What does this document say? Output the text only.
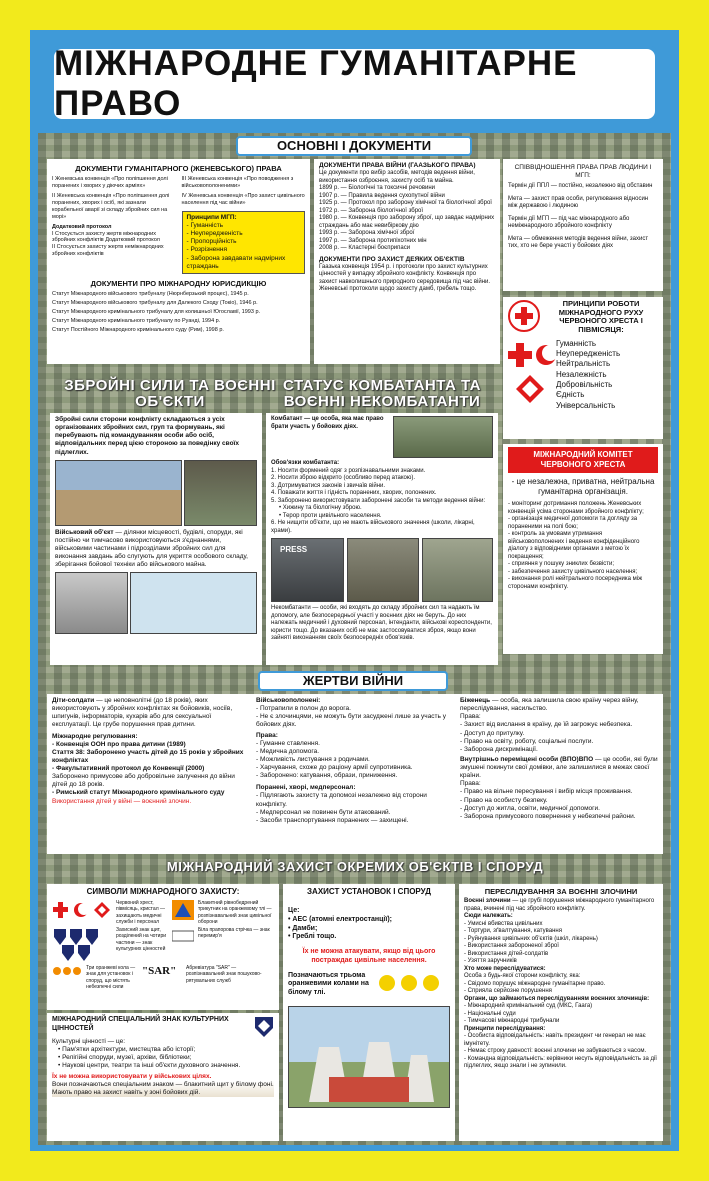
МІЖНАРОДНЕ ГУМАНІТАРНЕ ПРАВО
ОСНОВНІ І ДОКУМЕНТИ
ДОКУМЕНТИ ГУМАНІТАРНОГО (ЖЕНЕВСЬКОГО) ПРАВА
І Женевська конвенція «Про поліпшення долі поранених і хворих у діючих арміях»
ІІ Женевська конвенція «Про поліпшення долі поранених, хворих і осіб, які зазнали корабельної аварії зі складу збройних сил на морі»
Додатковий протокол
І Стосується захисту жертв міжнародних збройних конфліктів Додатковий протокол
ІІ Стосується захисту жертв неміжнародних збройних конфліктів
ІІІ Женевська конвенція «Про поводження з військовополоненими»
IV Женевська конвенція «Про захист цивільного населення під час війни»
Принципи МГП:
- Гуманність
- Неупередженість
- Пропорційність
- Розрізнення
- Заборона завдавати надмірних страждань
ДОКУМЕНТИ ПРО МІЖНАРОДНУ ЮРИСДИКЦІЮ
Статут Міжнародного військового трибуналу (Нюрнберзький процес), 1945 р.
Статут Міжнародного військового трибуналу для Далекого Сходу (Токіо), 1946 р.
Статут Міжнародного кримінального трибуналу для колишньої Югославії, 1993 р.
Статут Міжнародного кримінального трибуналу по Руанді, 1994 р.
Статут Постійного Міжнародного кримінального суду (Рим), 1998 р.
ДОКУМЕНТИ ПРАВА ВІЙНИ (ГААЗЬКОГО ПРАВА)
Це документи про вибір засобів, методів ведення війни, використання озброєння, захисту осіб та майна.
1899 р. — Біологічні та токсичні речовини
1907 р. — Правила ведення сухопутної війни
1925 р. — Протокол про заборону хімічної та біологічної зброї
1972 р. — Заборона біологічної зброї
1980 р. — Конвенція про заборону зброї, що завдає надмірних страждань або має невибіркову дію
1993 р. — Заборона хімічної зброї
1997 р. — Заборона протипіхотних мін
2008 р. — Кластерні боєприпаси
ДОКУМЕНТИ ПРО ЗАХИСТ ДЕЯКИХ ОБ'ЄКТІВ
Гаазька конвенція 1954 р. і протоколи про захист культурних цінностей у випадку збройного конфлікту. Конвенція про захист навколишнього природного середовища під час війни. Женевські протоколи щодо захисту дамб, гребель тощо.
СПІВВІДНОШЕННЯ ПРАВА ПРАВ ЛЮДИНИ І МГП:
Термін дії ППЛ — постійно, незалежно від обставин
Мета — захист прав особи, регулювання відносин між державою і людиною
Термін дії МГП — під час міжнародного або неміжнародного збройного конфлікту
Мета — обмеження методів ведення війни, захист тих, хто не бере участі у бойових діях
ПРИНЦИПИ РОБОТИ МІЖНАРОДНОГО РУХУ ЧЕРВОНОГО ХРЕСТА І ПІВМІСЯЦЯ:
Гуманність
Неупередженість
Нейтральність
Незалежність
Добровільність
Єдність
Універсальність
МІЖНАРОДНИЙ КОМІТЕТ ЧЕРВОНОГО ХРЕСТА
- це незалежна, приватна, нейтральна гуманітарна організація.
- моніторинг дотримання положень Женевських конвенцій усіма сторонами збройного конфлікту;
- організація медичної допомоги та догляду за пораненими на полі бою;
- контроль за умовами утримання військовополонених і ведення конфіденційного діалогу з відповідними органами з метою їх покращення;
- сприяння у пошуку зниклих безвісти;
- забезпечення захисту цивільного населення;
- виконання ролі нейтрального посередника між сторонами конфлікту.
ЗБРОЙНІ СИЛИ ТА ВОЄННІ ОБ'ЄКТИ
СТАТУС КОМБАТАНТА ТА ВОЄННІ НЕКОМБАТАНТИ
Збройні сили сторони конфлікту складаються з усіх організованих збройних сил, груп та формувань, які перебувають під командуванням особи або осіб, відповідальних перед цією стороною за поведінку своїх підлеглих.
Військовий об'єкт — ділянки місцевості, будівлі, споруди, які постійно чи тимчасово використовуються з'єднаннями, військовими частинами і підрозділами збройних сил для виконання завдань або слугують для укриття особового складу, зберігання бойової техніки або військового майна.
Комбатант — це особа, яка має право брати участь у бойових діях.
Обов'язки комбатанта:
1. Носити формений одяг з розпізнавальними знаками.
2. Носити зброю відкрито (особливо перед атакою).
3. Дотримуватися законів і звичаїв війни.
4. Поважати життя і гідність поранених, хворих, полонених.
5. Заборонено використовувати заборонені засоби та методи ведення війни:
• Хижину та біологічну зброю.
• Терор проти цивільного населення.
6. Не нищити об'єкти, що не мають військового значення (школи, лікарні, храми).
PRESS
Некомбатанти — особи, які входять до складу збройних сил та надають їм допомогу, але безпосередньої участі у воєнних діях не беруть. До них належать медичний і духовний персонал, інтенданти, військові кореспонденти, юристи тощо. До вказаних осіб не має застосовуватися зброя, якщо вони зайняті виконанням своїх безпосередніх обов'язків.
ЖЕРТВИ ВІЙНИ
Діти-солдати — це неповнолітні (до 18 років), яких використовують у збройних конфліктах як бойовиків, носіїв, шпигунів, інформаторів, кухарів або для сексуальної експлуатації. Це грубе порушення прав дитини.
Міжнародне регулювання:
- Конвенція ООН про права дитини (1989)
Стаття 38: Заборонено участь дітей до 15 років у збройних конфліктах
- Факультативний протокол до Конвенції (2000)
Заборонено примусове або добровільне залучення до війни дітей до 18 років.
- Римський статут Міжнародного кримінального суду
Використання дітей у війні — воєнний злочин.
Військовополонені:
- Потрапили в полон до ворога.
- Не є злочинцями, не можуть бути засуджені лише за участь у бойових діях.
Права:
- Гуманне ставлення.
- Медична допомога.
- Можливість листування з родичами.
- Харчування, схоже до раціону армії супротивника.
- Заборонено: катування, образи, приниження.
Поранені, хворі, медперсонал:
- Підлягають захисту та допомозі незалежно від сторони конфлікту.
- Медперсонал не повинен бути атакований.
- Засоби транспортування поранених — захищені.
Біженець — особа, яка залишила свою країну через війну, переслідування, насильство.
Права:
- Захист від вислання в країну, де їй загрожує небезпека.
- Доступ до притулку.
- Право на освіту, роботу, соціальні послуги.
- Заборона дискримінації.
Внутрішньо переміщені особи (ВПО)ВПО — це особи, які були змушені покинути свої домівки, але залишилися в межах своєї країни.
Права:
- Право на вільне пересування і вибір місця проживання.
- Право на особисту безпеку.
- Доступ до житла, освіти, медичної допомоги.
- Заборона примусового повернення у небезпечні райони.
МІЖНАРОДНИЙ ЗАХИСТ ОКРЕМИХ ОБ'ЄКТІВ І СПОРУД
СИМВОЛИ МІЖНАРОДНОГО ЗАХИСТУ:
Червоний хрест, півмісяць, кристал — захищають медичні служби і персонал
Блакитний рівнобедрений трикутник на оранжевому тлі — розпізнавальний знак цивільної оборони
Захисний знак щит, розділений на чотири частини — знак культурних цінностей
Біла прапорова стрічка — знак перемир'я
Три оранжеві кола — знак для установок і споруд, що містять небезпечні сили
"SAR"	Абревіатура "SAR" — розпізнавальний знак пошуково-рятувальних служб
МІЖНАРОДНИЙ СПЕЦІАЛЬНИЙ ЗНАК КУЛЬТУРНИХ ЦІННОСТЕЙ
Культурні цінності — це:
• Пам'ятки архітектури, мистецтва або історії;
• Релігійні споруди, музеї, архіви, бібліотеки;
• Наукові центри, театри та інші об'єкти духовного значення.
Їх не можна використовувати у військових цілях.
Вони позначаються спеціальним знаком — блакитний щит у білому фоні. Мають право на захист навіть у зоні бойових дій.
ЗАХИСТ УСТАНОВОК І СПОРУД
Це:
• АЕС (атомні електростанції);
• Дамби;
• Греблі тощо.
Їх не можна атакувати, якщо від цього постраждає цивільне населення.
Позначаються трьома оранжевими колами на білому тлі.
ПЕРЕСЛІДУВАННЯ ЗА ВОЄННІ ЗЛОЧИНИ
Воєнні злочини — це грубі порушення міжнародного гуманітарного права, вчинені під час збройного конфлікту.
Сюди належать:
- Умисні вбивства цивільних
- Тортури, зґвалтування, катування
- Руйнування цивільних об'єктів (шкіл, лікарень)
- Використання забороненої зброї
- Використання дітей-солдатів
- Узяття заручників
Хто може переслідуватися:
Особа з будь-якої сторони конфлікту, яка:
- Свідомо порушує міжнародне гуманітарне право.
- Сприяла серйозне порушення
Органи, що займаються переслідуванням воєнних злочинців:
- Міжнародний кримінальний суд (МКС, Гаага)
- Національні суди
- Тимчасові міжнародні трибунали
Принципи переслідування:
- Особиста відповідальність: навіть президент чи генерал не має імунітету.
- Немає строку давності: воєнні злочини не забуваються з часом.
- Командна відповідальність: керівники несуть відповідальність за дії підлеглих, якщо знали і не зупинили.
